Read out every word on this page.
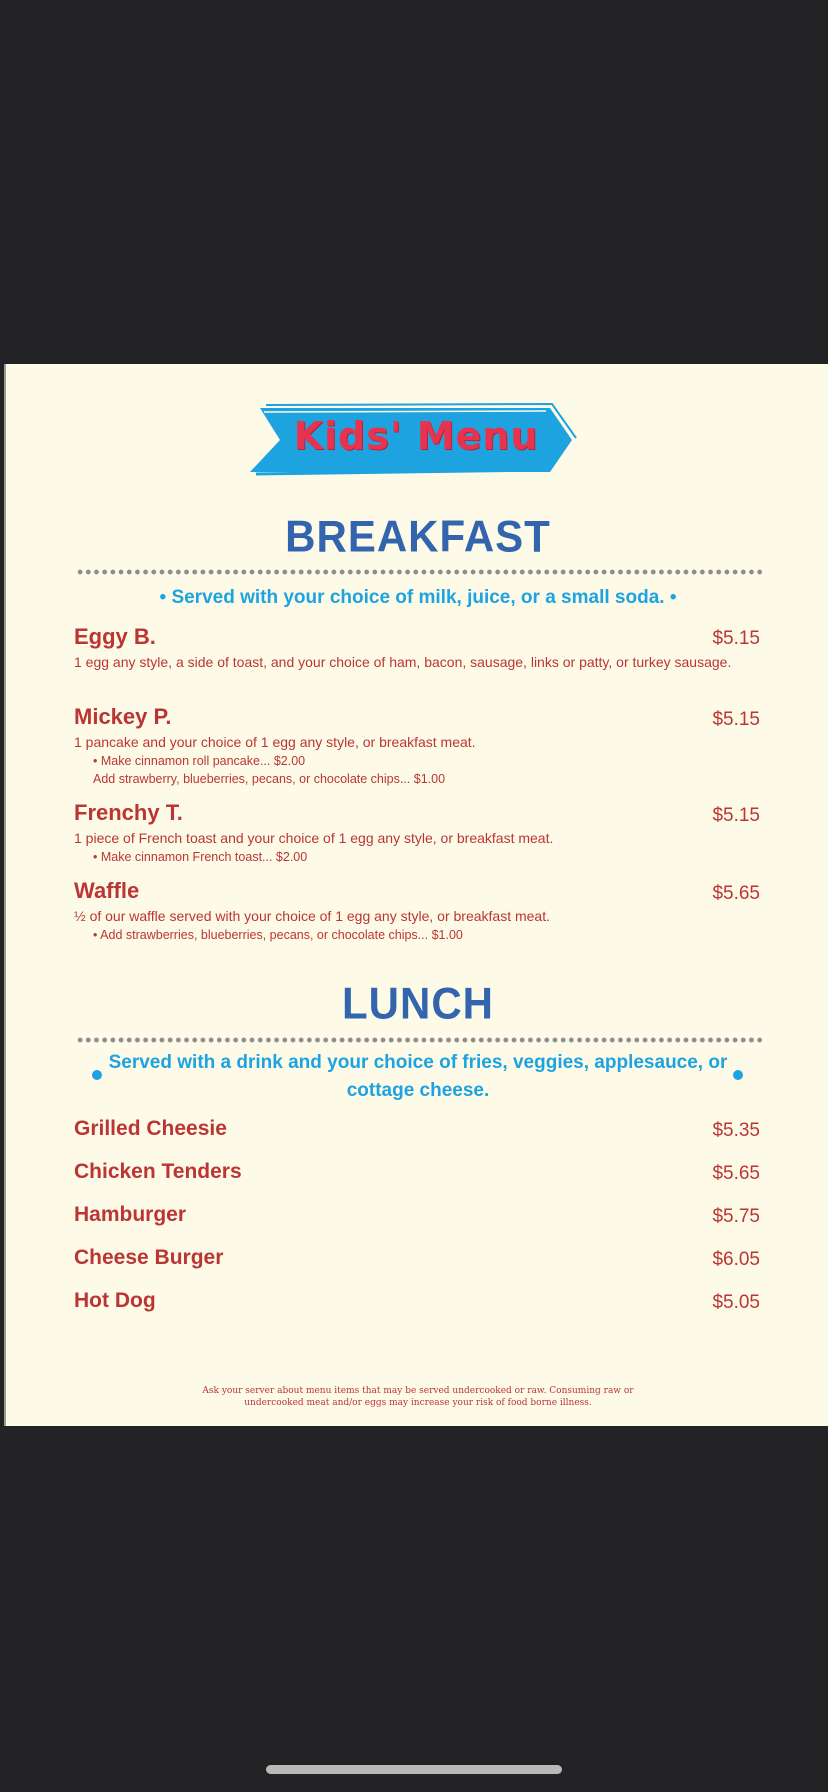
Kids' Menu
BREAKFAST
• Served with your choice of milk, juice, or a small soda. •
Eggy B.	$5.15
1 egg any style, a side of toast, and your choice of ham, bacon, sausage, links or patty, or turkey sausage.
Mickey P.	$5.15
1 pancake and your choice of 1 egg any style, or breakfast meat.
• Make cinnamon roll pancake... $2.00
Add strawberry, blueberries, pecans, or chocolate chips... $1.00
Frenchy T.	$5.15
1 piece of French toast and your choice of 1 egg any style, or breakfast meat.
• Make cinnamon French toast... $2.00
Waffle	$5.65
½ of our waffle served with your choice of 1 egg any style, or breakfast meat.
• Add strawberries, blueberries, pecans, or chocolate chips... $1.00
LUNCH
Served with a drink and your choice of fries, veggies, applesauce, or cottage cheese.
Grilled Cheesie	$5.35
Chicken Tenders	$5.65
Hamburger	$5.75
Cheese Burger	$6.05
Hot Dog	$5.05
Ask your server about menu items that may be served undercooked or raw. Consuming raw or undercooked meat and/or eggs may increase your risk of food borne illness.
